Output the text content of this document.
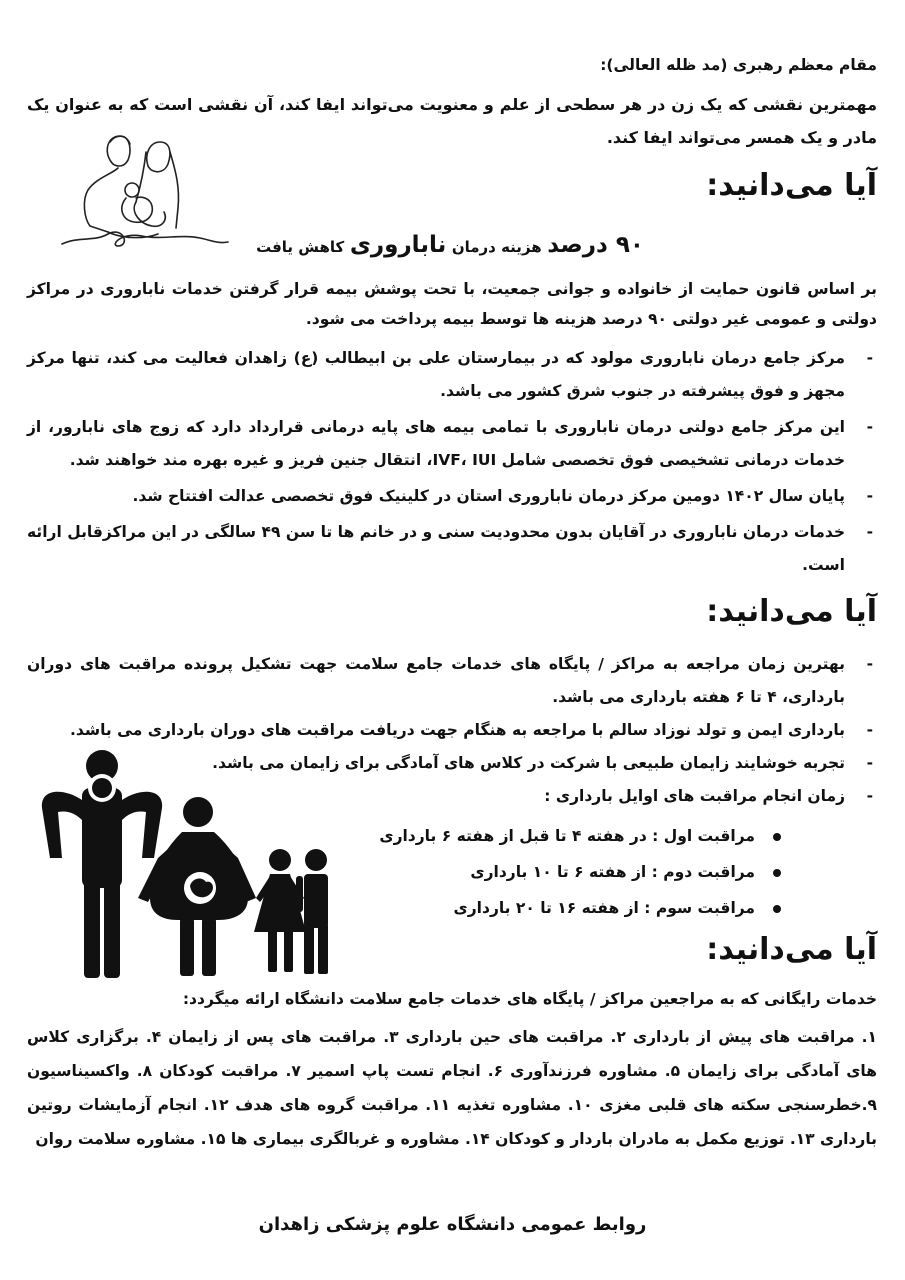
مقام معظم رهبری (مد ظله العالی):
مهمترین نقشی که یک زن در هر سطحی از علم و معنویت می‌تواند ایفا کند، آن نقشی است که به عنوان یک مادر و یک همسر می‌تواند ایفا کند.
آیا می‌دانید:
۹۰ درصد هزینه درمان ناباروری کاهش یافت
بر اساس قانون حمایت از خانواده و جوانی جمعیت، با تحت پوشش بیمه قرار گرفتن خدمات ناباروری در مراکز دولتی و عمومی غیر دولتی ۹۰ درصد هزینه ها توسط بیمه پرداخت می شود.
-
مرکز جامع درمان ناباروری مولود که در بیمارستان علی بن ابیطالب (ع) زاهدان فعالیت می کند، تنها مرکز مجهز و فوق پیشرفته در جنوب شرق کشور می باشد.
-
این مرکز جامع دولتی درمان ناباروری با تمامی بیمه های پایه درمانی قرارداد دارد که زوج های نابارور، از خدمات درمانی تشخیصی فوق تخصصی شامل IVF، IUI، انتقال جنین فریز و غیره بهره مند خواهند شد.
-
پایان سال ۱۴۰۲ دومین مرکز درمان ناباروری استان در کلینیک فوق تخصصی عدالت افتتاح شد.
-
خدمات درمان ناباروری در آقایان بدون محدودیت سنی و در خانم ها تا سن ۴۹ سالگی در این مراکزقابل ارائه است.
آیا می‌دانید:
-
بهترین زمان مراجعه به مراکز / پایگاه های خدمات جامع سلامت جهت تشکیل پرونده مراقبت های دوران بارداری، ۴ تا ۶ هفته بارداری می باشد.
-
بارداری ایمن و تولد نوزاد سالم با مراجعه به هنگام جهت دریافت مراقبت های دوران بارداری می باشد.
-
تجربه خوشایند زایمان طبیعی با شرکت در کلاس های آمادگی برای زایمان می باشد.
-
زمان انجام مراقبت های اوایل بارداری :
مراقبت اول : در هفته ۴ تا قبل از هفته ۶ بارداری
مراقبت دوم : از هفته ۶ تا ۱۰ بارداری
مراقبت سوم : از هفته ۱۶ تا ۲۰ بارداری
آیا می‌دانید:
خدمات رایگانی که به مراجعین مراکز / پایگاه های خدمات جامع سلامت دانشگاه ارائه میگردد:
۱. مراقبت های پیش از بارداری ۲. مراقبت های حین بارداری ۳. مراقبت های پس از زایمان ۴. برگزاری کلاس های آمادگی برای زایمان ۵. مشاوره فرزندآوری ۶. انجام تست پاپ اسمیر ۷. مراقبت کودکان ۸. واکسیناسیون ۹.خطرسنجی سکته های قلبی مغزی ۱۰. مشاوره تغذیه ۱۱. مراقبت گروه های هدف ۱۲. انجام آزمایشات روتین بارداری ۱۳. توزیع مکمل به مادران باردار و کودکان ۱۴. مشاوره و غربالگری بیماری ها ۱۵. مشاوره سلامت روان
روابط عمومی دانشگاه علوم پزشکی زاهدان
